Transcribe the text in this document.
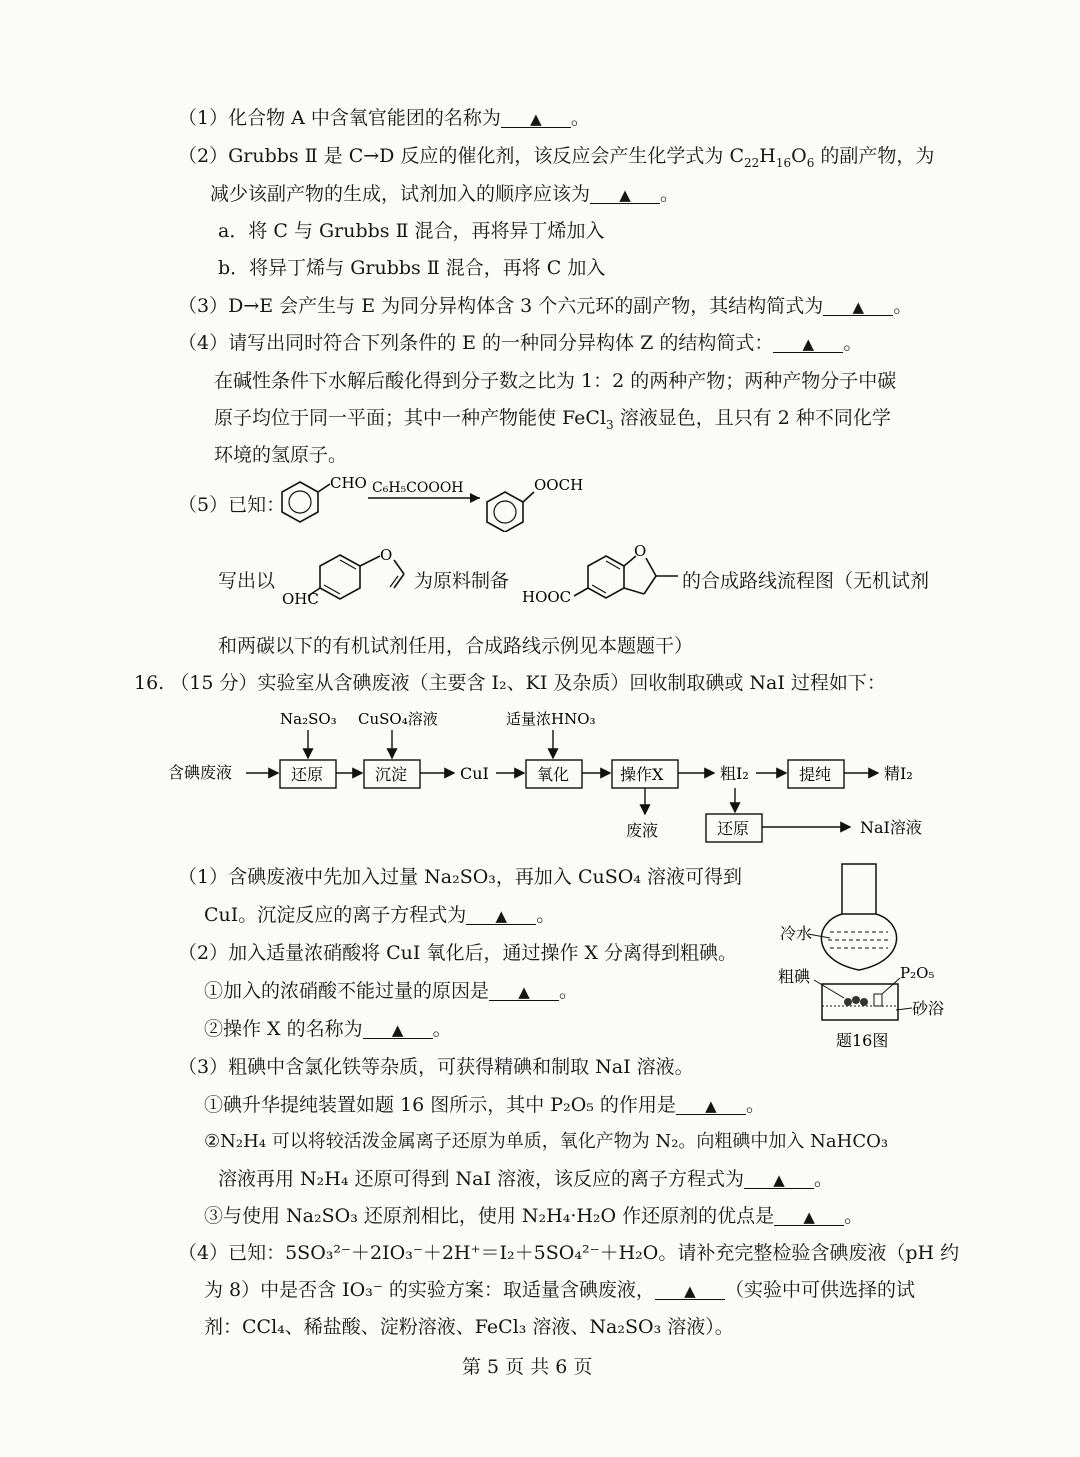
（1）化合物 A 中含氧官能团的名称为 ▲ 。
（2）Grubbs Ⅱ 是 C→D 反应的催化剂，该反应会产生化学式为 $C_{22}H_{16}O_6$ 的副产物，为
减少该副产物的生成，试剂加入的顺序应该为 ▲ 。
a．将 C 与 Grubbs Ⅱ 混合，再将异丁烯加入
b．将异丁烯与 Grubbs Ⅱ 混合，再将 C 加入
（3）D→E 会产生与 E 为同分异构体含 3 个六元环的副产物，其结构简式为 ▲ 。
（4）请写出同时符合下列条件的 E 的一种同分异构体 Z 的结构简式： ▲ 。
在碱性条件下水解后酸化得到分子数之比为 1：2 的两种产物；两种产物分子中碳
原子均位于同一平面；其中一种产物能使 FeCl$_3$ 溶液显色，且只有 2 种不同化学
环境的氢原子。
（5）已知：
CHO C₆H₅COOOH	OOCH
写出以
O
OHC
为原料制备
O
HOOC
的合成路线流程图（无机试剂
和两碳以下的有机试剂任用，合成路线示例见本题题干）
16. （15 分）实验室从含碘废液（主要含 I₂、KI 及杂质）回收制取碘或 NaI 过程如下：
Na₂SO₃ CuSO₄溶液	适量浓HNO₃
含碘废液	还原	沉淀	CuI	氧化	操作X	粗I₂	提纯	精I₂
废液	还原	NaI溶液
（1）含碘废液中先加入过量 Na₂SO₃，再加入 CuSO₄ 溶液可得到
CuI。沉淀反应的离子方程式为 ▲ 。
（2）加入适量浓硝酸将 CuI 氧化后，通过操作 X 分离得到粗碘。
①加入的浓硝酸不能过量的原因是 ▲ 。
②操作 X 的名称为 ▲ 。
冷水
粗碘	P₂O₅
砂浴
题16图
（3）粗碘中含氯化铁等杂质，可获得精碘和制取 NaI 溶液。
①碘升华提纯装置如题 16 图所示，其中 P₂O₅ 的作用是 ▲ 。
②N₂H₄ 可以将较活泼金属离子还原为单质，氧化产物为 N₂。向粗碘中加入 NaHCO₃
溶液再用 N₂H₄ 还原可得到 NaI 溶液，该反应的离子方程式为 ▲ 。
③与使用 Na₂SO₃ 还原剂相比，使用 N₂H₄·H₂O 作还原剂的优点是 ▲ 。
（4）已知：5SO₃²⁻＋2IO₃⁻＋2H⁺＝I₂＋5SO₄²⁻＋H₂O。请补充完整检验含碘废液（pH 约
为 8）中是否含 IO₃⁻ 的实验方案：取适量含碘废液， ▲ （实验中可供选择的试
剂：CCl₄、稀盐酸、淀粉溶液、FeCl₃ 溶液、Na₂SO₃ 溶液）。
第 5 页 共 6 页
